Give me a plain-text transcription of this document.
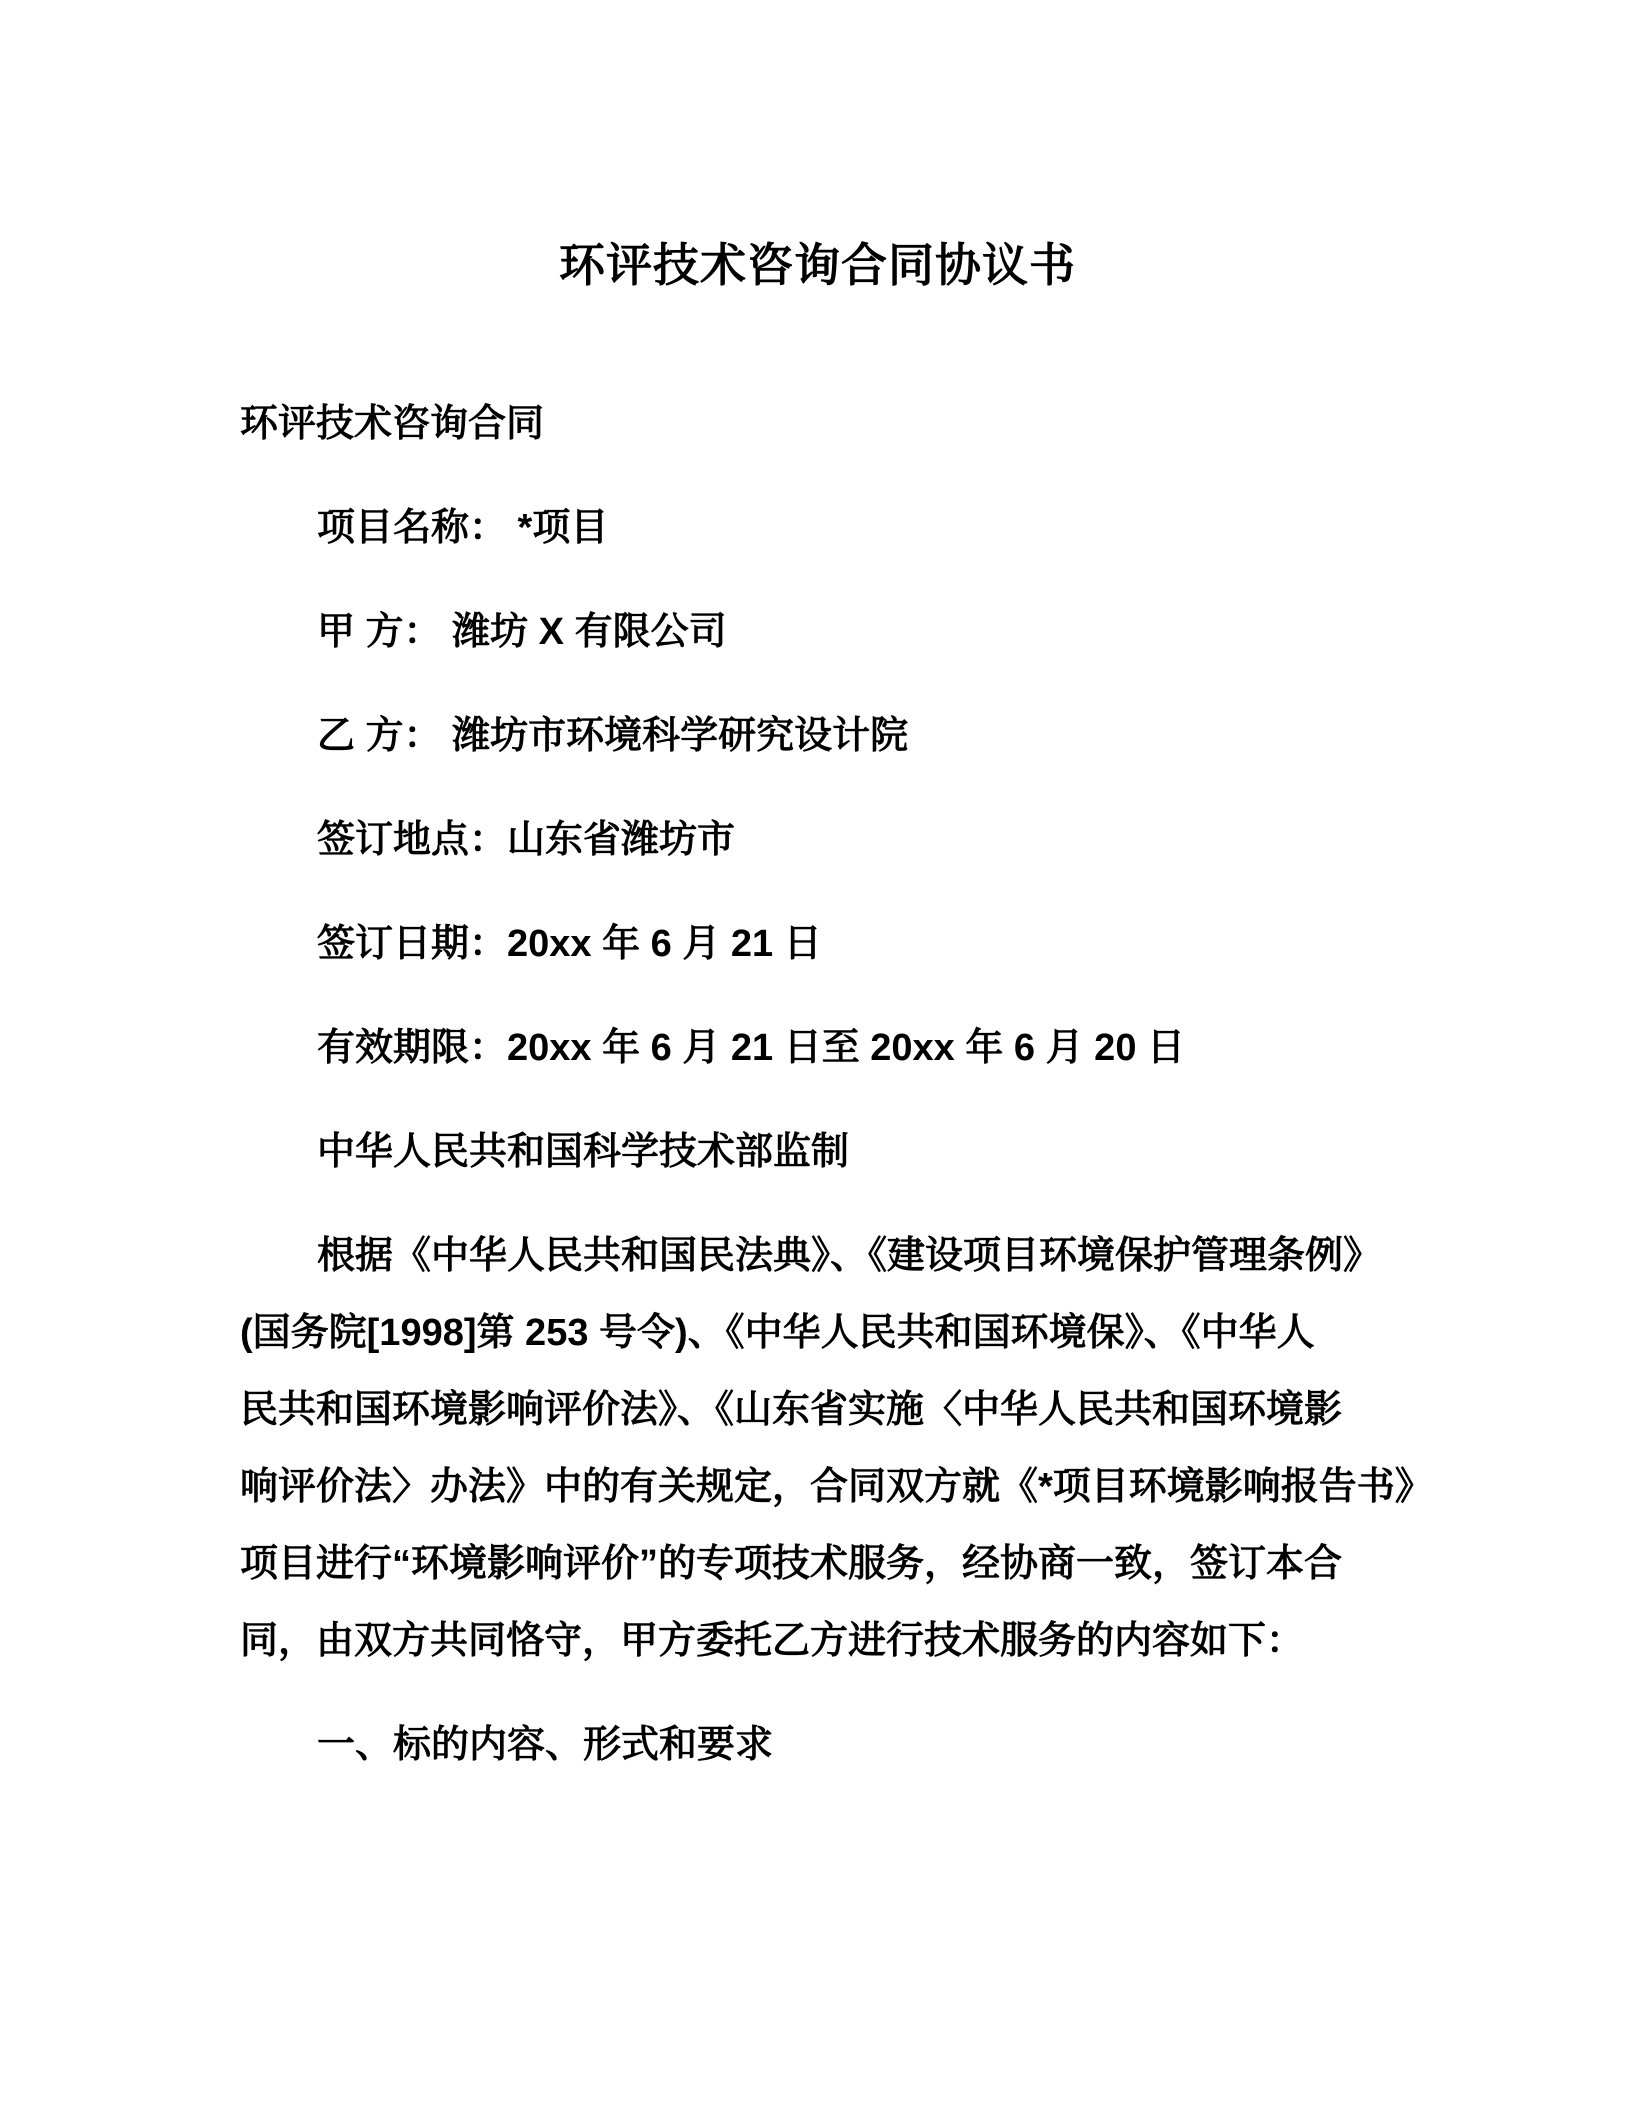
环评技术咨询合同协议书

环评技术咨询合同

项目名称： *项目

甲 方： 潍坊 X 有限公司

乙 方： 潍坊市环境科学研究设计院

签订地点：山东省潍坊市

签订日期：20xx 年 6 月 21 日

有效期限：20xx 年 6 月 21 日至 20xx 年 6 月 20 日

中华人民共和国科学技术部监制

根据《中华人民共和国民法典》、《建设项目环境保护管理条例》
(国务院[1998]第 253 号令)、《中华人民共和国环境保》、《中华人
民共和国环境影响评价法》、《山东省实施〈中华人民共和国环境影
响评价法〉办法》中的有关规定，合同双方就《*项目环境影响报告书》
项目进行“环境影响评价”的专项技术服务，经协商一致，签订本合
同，由双方共同恪守，甲方委托乙方进行技术服务的内容如下：

一、标的内容、形式和要求
